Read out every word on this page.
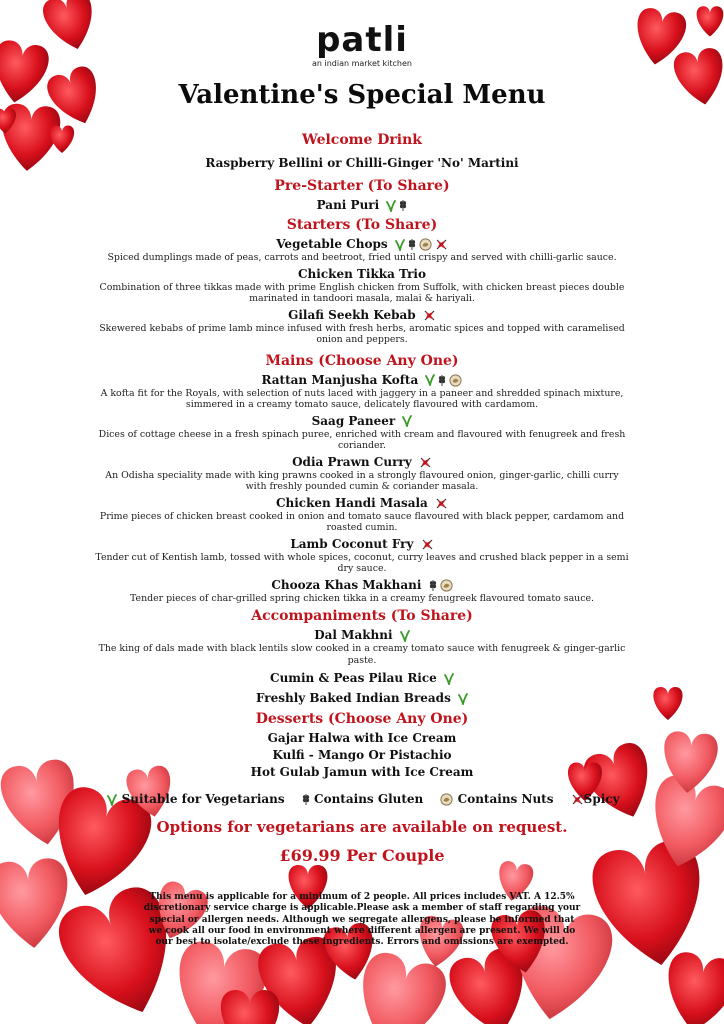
patli
an indian market kitchen
Valentine's Special Menu
Welcome Drink
Raspberry Bellini or Chilli-Ginger 'No' Martini
Pre-Starter (To Share)
Pani Puri
Starters (To Share)
Vegetable Chops
Spiced dumplings made of peas, carrots and beetroot, fried until crispy and served with chilli-garlic sauce.
Chicken Tikka Trio
Combination of three tikkas made with prime English chicken from Suffolk, with chicken breast pieces double marinated in tandoori masala, malai & hariyali.
Gilafi Seekh Kebab
Skewered kebabs of prime lamb mince infused with fresh herbs, aromatic spices and topped with caramelised onion and peppers.
Mains (Choose Any One)
Rattan Manjusha Kofta
A kofta fit for the Royals, with selection of nuts laced with jaggery in a paneer and shredded spinach mixture, simmered in a creamy tomato sauce, delicately flavoured with cardamom.
Saag Paneer
Dices of cottage cheese in a fresh spinach puree, enriched with cream and flavoured with fenugreek and fresh coriander.
Odia Prawn Curry
An Odisha speciality made with king prawns cooked in a strongly flavoured onion, ginger-garlic, chilli curry with freshly pounded cumin & coriander masala.
Chicken Handi Masala
Prime pieces of chicken breast cooked in onion and tomato sauce flavoured with black pepper, cardamom and roasted cumin.
Lamb Coconut Fry
Tender cut of Kentish lamb, tossed with whole spices, coconut, curry leaves and crushed black pepper in a semi dry sauce.
Chooza Khas Makhani
Tender pieces of char-grilled spring chicken tikka in a creamy fenugreek flavoured tomato sauce.
Accompaniments (To Share)
Dal Makhni
The king of dals made with black lentils slow cooked in a creamy tomato sauce with fenugreek & ginger-garlic paste.
Cumin & Peas Pilau Rice
Freshly Baked Indian Breads
Desserts (Choose Any One)
Gajar Halwa with Ice Cream
Kulfi - Mango Or Pistachio
Hot Gulab Jamun with Ice Cream
Suitable for Vegetarians Contains Gluten	Contains Nuts	Spicy
Options for vegetarians are available on request.
£69.99 Per Couple
This menu is applicable for a minimum of 2 people. All prices includes VAT. A 12.5% discretionary service charge is applicable.Please ask a member of staff regarding your special or allergen needs. Although we segregate allergens, please be informed that we cook all our food in environment where different allergen are present. We will do our best to isolate/exclude these ingredients. Errors and omissions are exempted.
